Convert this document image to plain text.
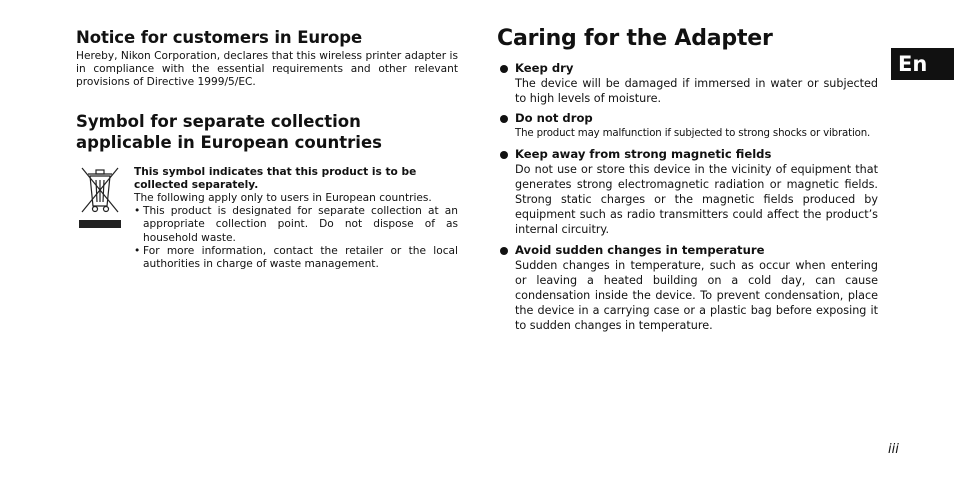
Notice for customers in Europe

Hereby, Nikon Corporation, declares that this wireless printer adapter is in compliance with the essential requirements and other relevant provisions of Directive 1999/5/EC.

Symbol for separate collection applicable in European countries
This symbol indicates that this product is to be collected separately.
The following apply only to users in European countries.
• This product is designated for separate collection at an appropriate collection point. Do not dispose of as household waste.
• For more information, contact the retailer or the local authorities in charge of waste management.
Caring for the Adapter
Keep dry
The device will be damaged if immersed in water or subjected to high levels of moisture.
Do not drop
The product may malfunction if subjected to strong shocks or vibration.
Keep away from strong magnetic fields
Do not use or store this device in the vicinity of equipment that generates strong electromagnetic radiation or magnetic fields. Strong static charges or the magnetic fields produced by equipment such as radio transmitters could affect the product’s internal circuitry.
Avoid sudden changes in temperature
Sudden changes in temperature, such as occur when entering or leaving a heated building on a cold day, can cause condensation inside the device. To prevent condensation, place the device in a carrying case or a plastic bag before exposing it to sudden changes in temperature.
En
iii
